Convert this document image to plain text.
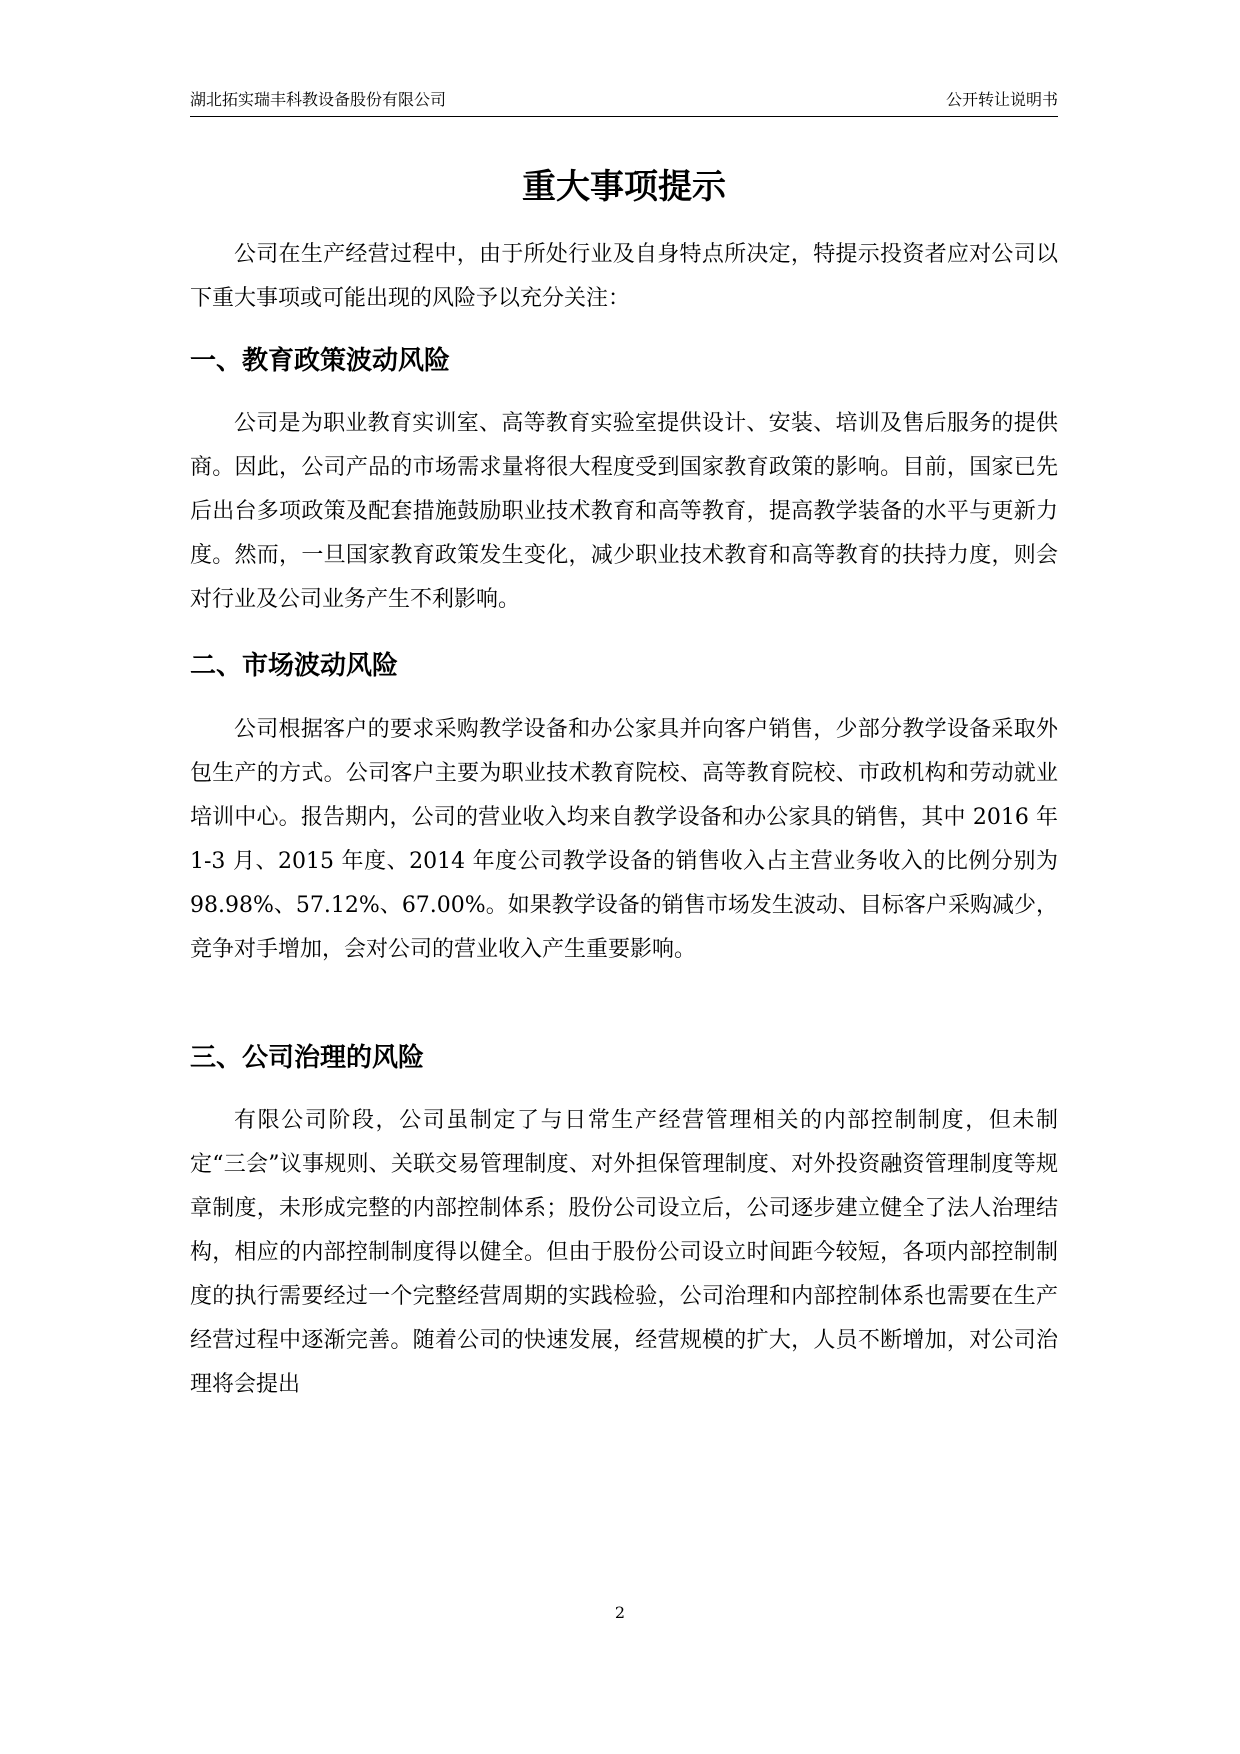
湖北拓实瑞丰科教设备股份有限公司	公开转让说明书
重大事项提示

公司在生产经营过程中，由于所处行业及自身特点所决定，特提示投资者应对公司以下重大事项或可能出现的风险予以充分关注：

一、教育政策波动风险

公司是为职业教育实训室、高等教育实验室提供设计、安装、培训及售后服务的提供商。因此，公司产品的市场需求量将很大程度受到国家教育政策的影响。目前，国家已先后出台多项政策及配套措施鼓励职业技术教育和高等教育，提高教学装备的水平与更新力度。然而，一旦国家教育政策发生变化，减少职业技术教育和高等教育的扶持力度，则会对行业及公司业务产生不利影响。

二、市场波动风险

公司根据客户的要求采购教学设备和办公家具并向客户销售，少部分教学设备采取外包生产的方式。公司客户主要为职业技术教育院校、高等教育院校、市政机构和劳动就业培训中心。报告期内，公司的营业收入均来自教学设备和办公家具的销售，其中 2016 年 1-3 月、2015 年度、2014 年度公司教学设备的销售收入占主营业务收入的比例分别为 98.98%、57.12%、67.00%。如果教学设备的销售市场发生波动、目标客户采购减少，竞争对手增加，会对公司的营业收入产生重要影响。

三、公司治理的风险

有限公司阶段，公司虽制定了与日常生产经营管理相关的内部控制制度，但未制定“三会”议事规则、关联交易管理制度、对外担保管理制度、对外投资融资管理制度等规章制度，未形成完整的内部控制体系；股份公司设立后，公司逐步建立健全了法人治理结构，相应的内部控制制度得以健全。但由于股份公司设立时间距今较短，各项内部控制制度的执行需要经过一个完整经营周期的实践检验，公司治理和内部控制体系也需要在生产经营过程中逐渐完善。随着公司的快速发展，经营规模的扩大，人员不断增加，对公司治理将会提出

2
